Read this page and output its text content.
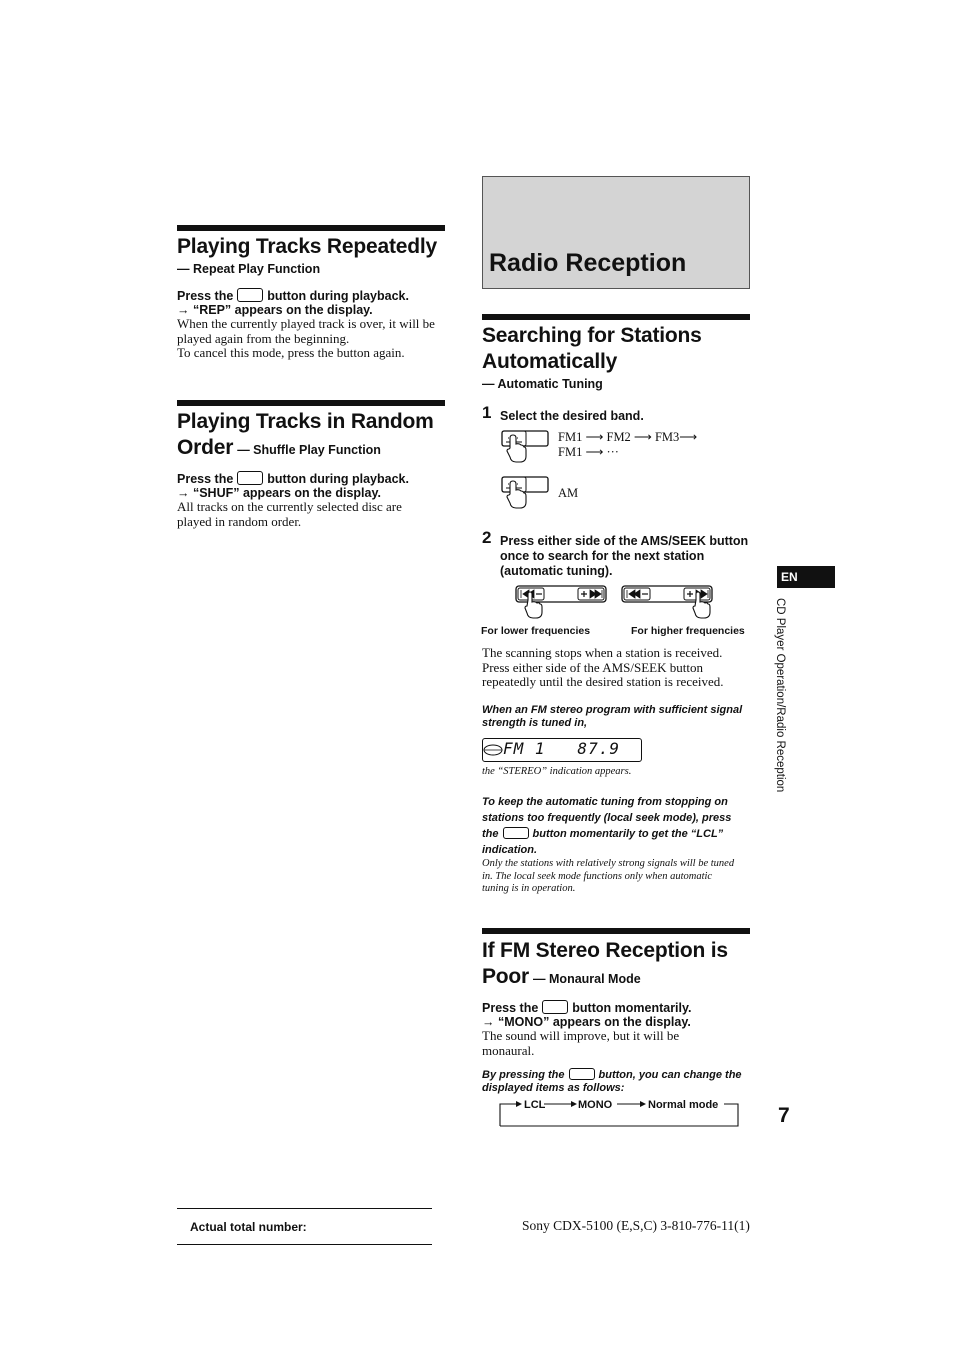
Playing Tracks Repeatedly
— Repeat Play Function
Press the	button during playback.
→ “REP” appears on the display.
When the currently played track is over, it will be played again from the beginning.
To cancel this mode, press the button again.
Playing Tracks in Random
Order — Shuffle Play Function
Press the	button during playback.
→ “SHUF” appears on the display.
All tracks on the currently selected disc are played in random order.
Radio Reception
Searching for Stations
Automatically
— Automatic Tuning
1 Select the desired band.
FM1 ⟶ FM2 ⟶ FM3⟶
FM1 ⟶ ···
AM
2 Press either side of the AMS/SEEK button once to search for the next station (automatic tuning).
For lower frequencies	For higher frequencies
The scanning stops when a station is received. Press either side of the AMS/SEEK button repeatedly until the desired station is received.
When an FM stereo program with sufficient signal strength is tuned in,
FM 1   87.9
the “STEREO” indication appears.
To keep the automatic tuning from stopping on stations too frequently (local seek mode), press the	button momentarily to get the “LCL” indication.
Only the stations with relatively strong signals will be tuned in. The local seek mode functions only when automatic tuning is in operation.
If FM Stereo Reception is
Poor — Monaural Mode
Press the	button momentarily.
→ “MONO” appears on the display.
The sound will improve, but it will be monaural.
By pressing the	button, you can change the displayed items as follows:
LCL	MONO	Normal mode
EN
CD Player Operation/Radio Reception
7
Actual total number:	Sony CDX-5100 (E,S,C) 3-810-776-11(1)
